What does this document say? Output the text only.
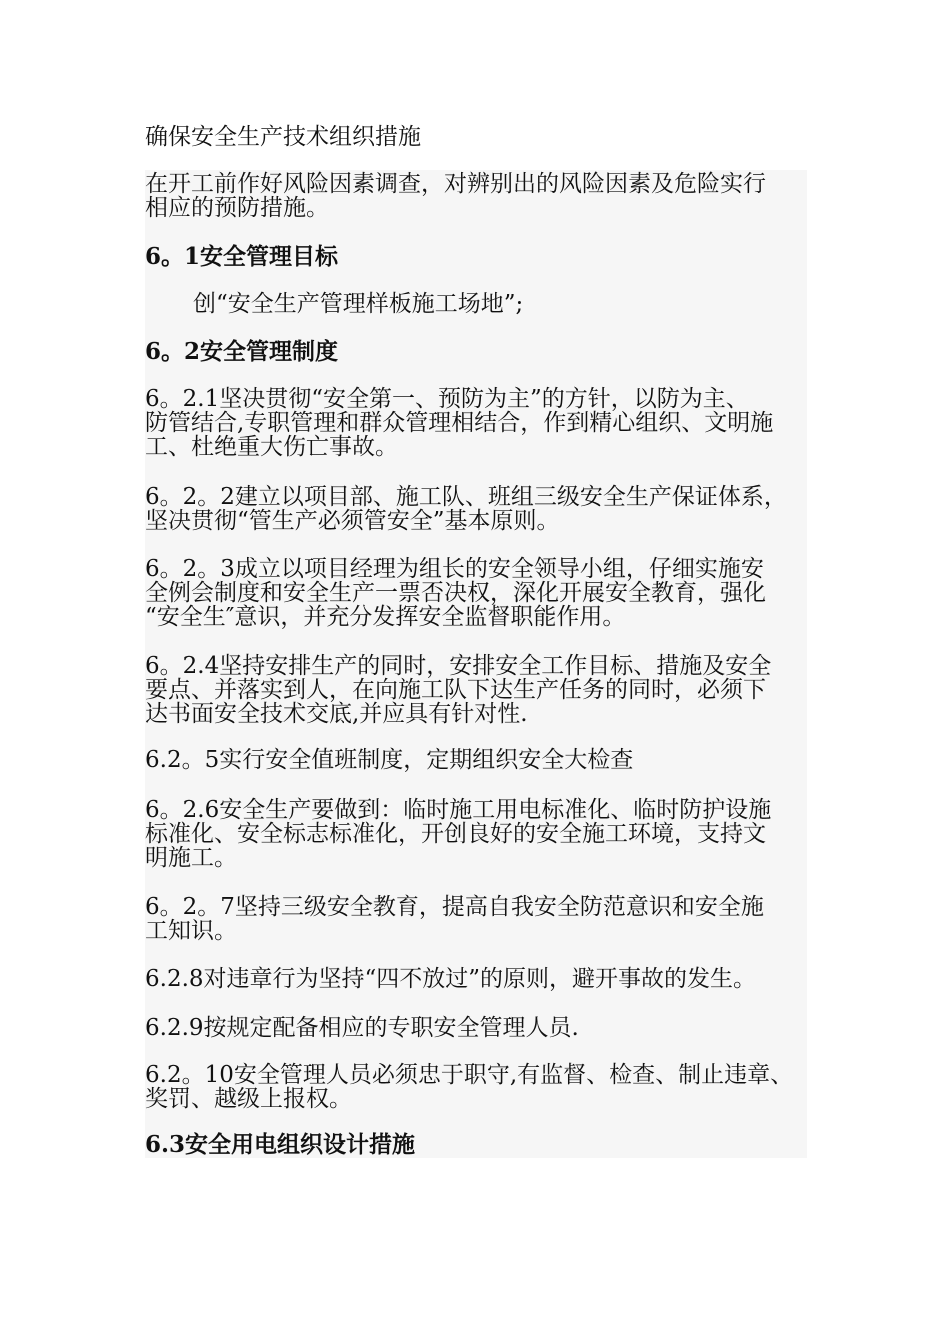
确保安全生产技术组织措施

在开工前作好风险因素调查，对辨别出的风险因素及危险实行
相应的预防措施。

6。1安全管理目标

创“安全生产管理样板施工场地”;

6。2安全管理制度

6。2.1坚决贯彻“安全第一、预防为主”的方针，以防为主、
防管结合,专职管理和群众管理相结合，作到精心组织、文明施
工、杜绝重大伤亡事故。

6。2。2建立以项目部、施工队、班组三级安全生产保证体系，
坚决贯彻“管生产必须管安全”基本原则。

6。2。3成立以项目经理为组长的安全领导小组，仔细实施安
全例会制度和安全生产一票否决权，深化开展安全教育，强化
“安全生″意识，并充分发挥安全监督职能作用。

6。2.4坚持安排生产的同时，安排安全工作目标、措施及安全
要点、并落实到人，在向施工队下达生产任务的同时，必须下
达书面安全技术交底,并应具有针对性.

6.2。5实行安全值班制度，定期组织安全大检查

6。2.6安全生产要做到：临时施工用电标准化、临时防护设施
标准化、安全标志标准化，开创良好的安全施工环境，支持文
明施工。

6。2。7坚持三级安全教育，提高自我安全防范意识和安全施
工知识。

6.2.8对违章行为坚持“四不放过”的原则，避开事故的发生。

6.2.9按规定配备相应的专职安全管理人员.

6.2。10安全管理人员必须忠于职守,有监督、检查、制止违章、
奖罚、越级上报权。

6.3安全用电组织设计措施
